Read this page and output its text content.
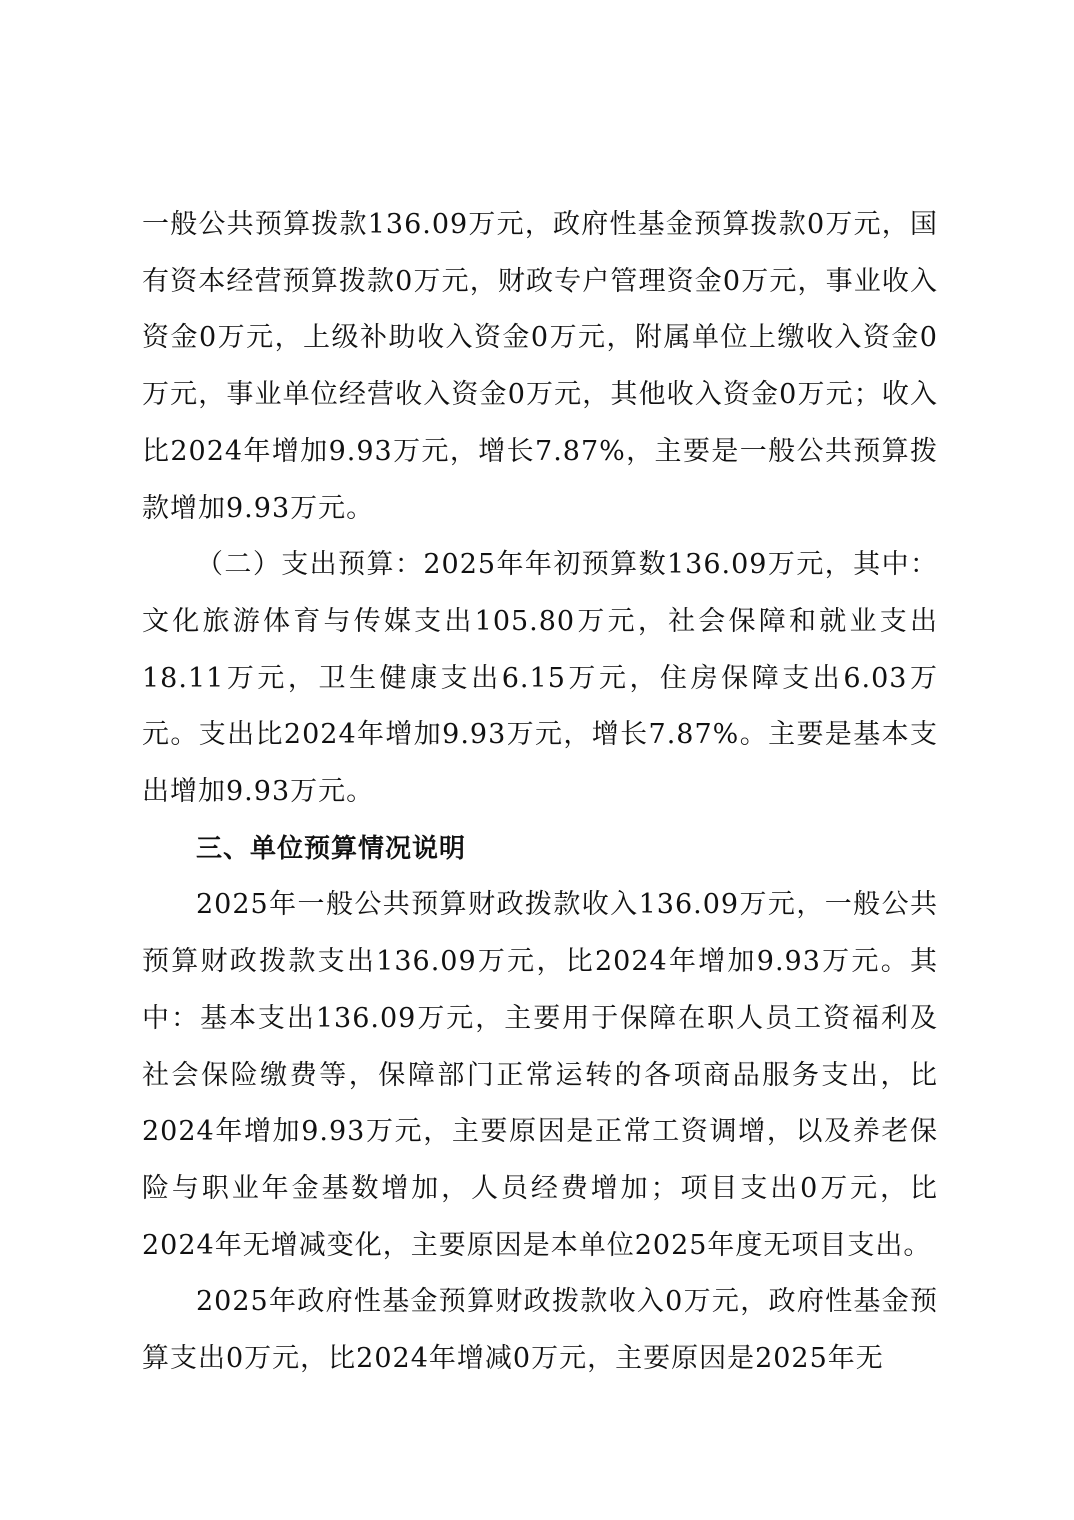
一般公共预算拨款136.09万元，政府性基金预算拨款0万元，国有资本经营预算拨款0万元，财政专户管理资金0万元，事业收入资金0万元，上级补助收入资金0万元，附属单位上缴收入资金0万元，事业单位经营收入资金0万元，其他收入资金0万元；收入比2024年增加9.93万元，增长7.87%，主要是一般公共预算拨款增加9.93万元。

（二）支出预算：2025年年初预算数136.09万元，其中：文化旅游体育与传媒支出105.80万元，社会保障和就业支出18.11万元，卫生健康支出6.15万元，住房保障支出6.03万元。支出比2024年增加9.93万元，增长7.87%。主要是基本支出增加9.93万元。

三、单位预算情况说明

2025年一般公共预算财政拨款收入136.09万元，一般公共预算财政拨款支出136.09万元，比2024年增加9.93万元。其中：基本支出136.09万元，主要用于保障在职人员工资福利及社会保险缴费等，保障部门正常运转的各项商品服务支出，比2024年增加9.93万元，主要原因是正常工资调增，以及养老保险与职业年金基数增加，人员经费增加；项目支出0万元，比2024年无增减变化，主要原因是本单位2025年度无项目支出。

2025年政府性基金预算财政拨款收入0万元，政府性基金预算支出0万元，比2024年增减0万元，主要原因是2025年无
